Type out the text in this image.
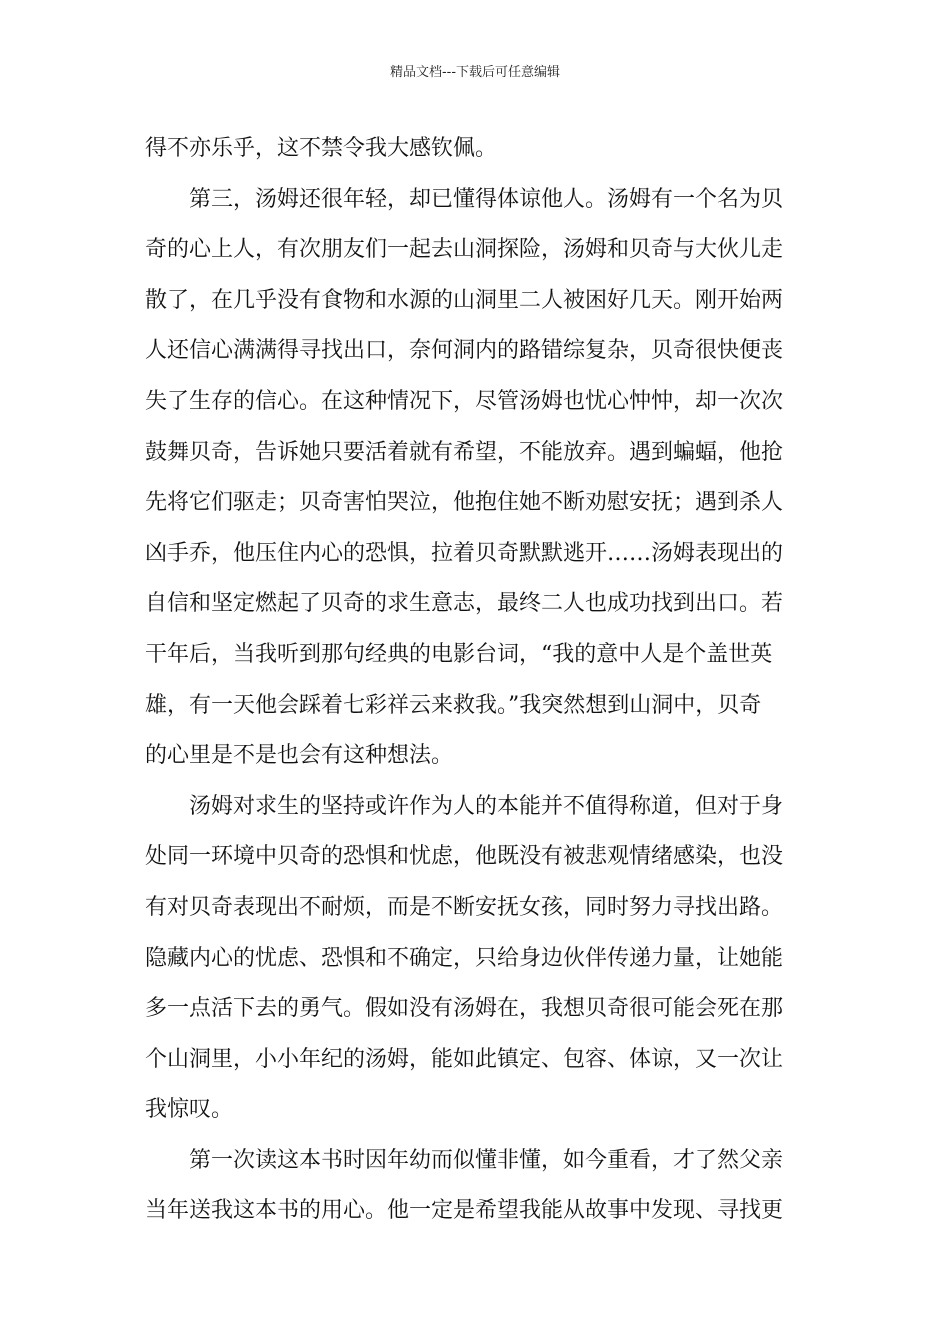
精品文档---下载后可任意编辑
得不亦乐乎，这不禁令我大感钦佩。
第三，汤姆还很年轻，却已懂得体谅他人。汤姆有一个名为贝
奇的心上人，有次朋友们一起去山洞探险，汤姆和贝奇与大伙儿走
散了，在几乎没有食物和水源的山洞里二人被困好几天。刚开始两
人还信心满满得寻找出口，奈何洞内的路错综复杂，贝奇很快便丧
失了生存的信心。在这种情况下，尽管汤姆也忧心忡忡，却一次次
鼓舞贝奇，告诉她只要活着就有希望，不能放弃。遇到蝙蝠，他抢
先将它们驱走；贝奇害怕哭泣，他抱住她不断劝慰安抚；遇到杀人
凶手乔，他压住内心的恐惧，拉着贝奇默默逃开……汤姆表现出的
自信和坚定燃起了贝奇的求生意志，最终二人也成功找到出口。若
干年后，当我听到那句经典的电影台词，“我的意中人是个盖世英
雄，有一天他会踩着七彩祥云来救我。”我突然想到山洞中，贝奇
的心里是不是也会有这种想法。
汤姆对求生的坚持或许作为人的本能并不值得称道，但对于身
处同一环境中贝奇的恐惧和忧虑，他既没有被悲观情绪感染，也没
有对贝奇表现出不耐烦，而是不断安抚女孩，同时努力寻找出路。
隐藏内心的忧虑、恐惧和不确定，只给身边伙伴传递力量，让她能
多一点活下去的勇气。假如没有汤姆在，我想贝奇很可能会死在那
个山洞里，小小年纪的汤姆，能如此镇定、包容、体谅，又一次让
我惊叹。
第一次读这本书时因年幼而似懂非懂，如今重看，才了然父亲
当年送我这本书的用心。他一定是希望我能从故事中发现、寻找更
